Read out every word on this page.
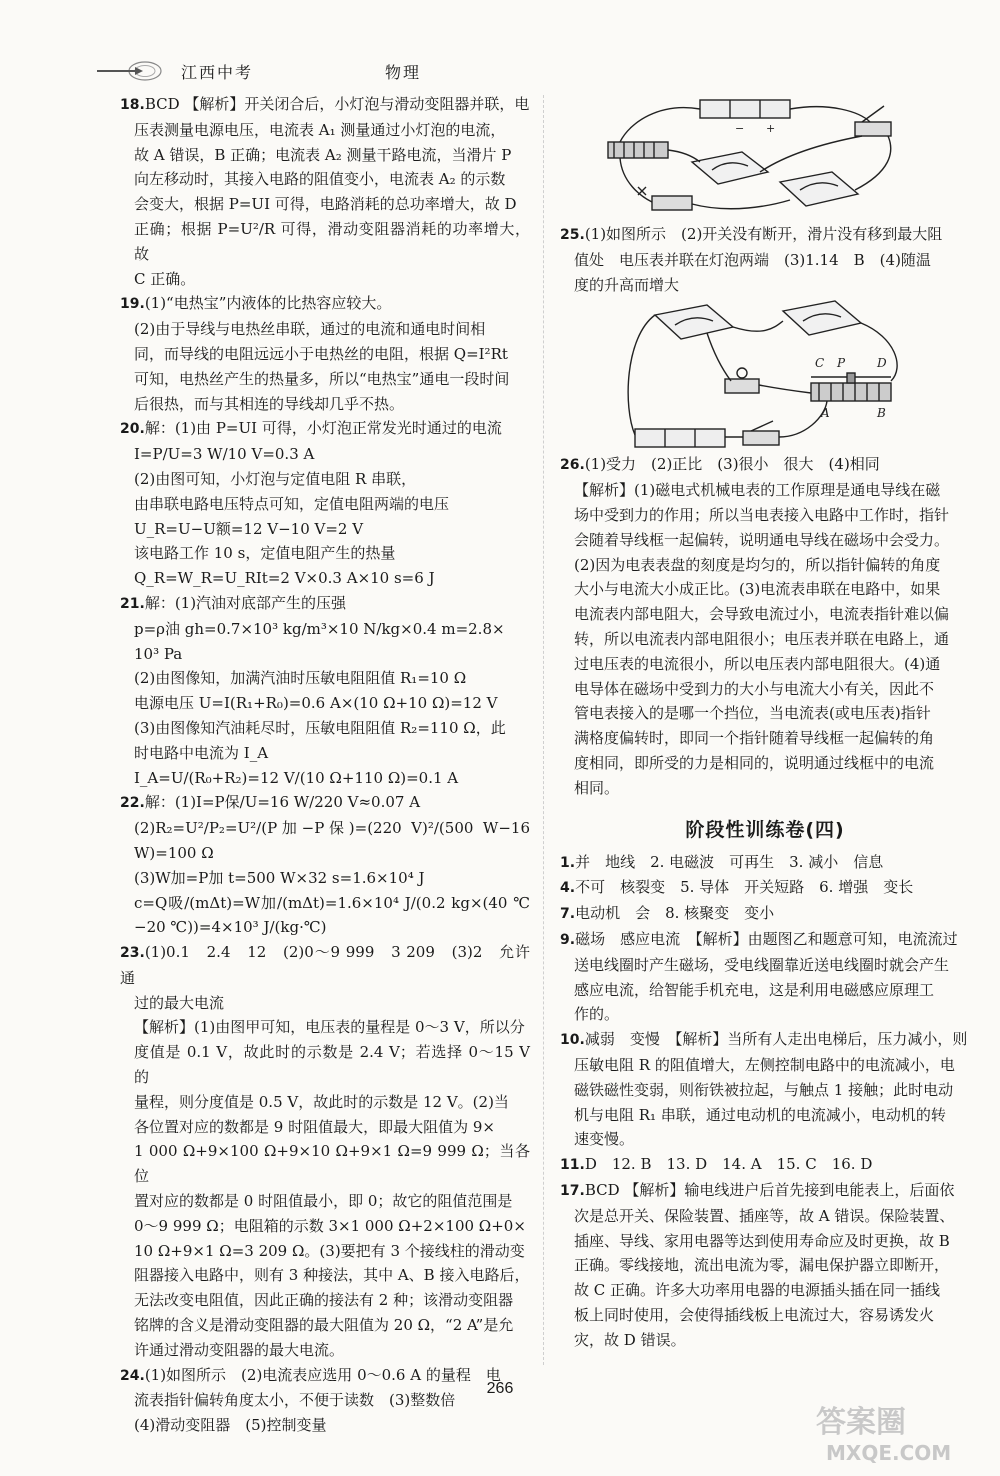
江西中考	物理

18.BCD 【解析】开关闭合后，小灯泡与滑动变阻器并联，电

压表测量电源电压，电流表 A₁ 测量通过小灯泡的电流，

故 A 错误，B 正确；电流表 A₂ 测量干路电流，当滑片 P

向左移动时，其接入电路的阻值变小，电流表 A₂ 的示数

会变大，根据 P=UI 可得，电路消耗的总功率增大，故 D

正确；根据 P=U²/R 可得，滑动变阻器消耗的功率增大，故

C 正确。

19.(1)“电热宝”内液体的比热容应较大。

(2)由于导线与电热丝串联，通过的电流和通电时间相

同，而导线的电阻远远小于电热丝的电阻，根据 Q=I²Rt

可知，电热丝产生的热量多，所以“电热宝”通电一段时间

后很热，而与其相连的导线却几乎不热。

20.解：(1)由 P=UI 可得，小灯泡正常发光时通过的电流

I=P/U=3 W/10 V=0.3 A

(2)由图可知，小灯泡与定值电阻 R 串联，

由串联电路电压特点可知，定值电阻两端的电压

U_R=U−U额=12 V−10 V=2 V

该电路工作 10 s，定值电阻产生的热量

Q_R=W_R=U_RIt=2 V×0.3 A×10 s=6 J

21.解：(1)汽油对底部产生的压强

p=ρ油 gh=0.7×10³ kg/m³×10 N/kg×0.4 m=2.8×

10³ Pa

(2)由图像知，加满汽油时压敏电阻阻值 R₁=10 Ω

电源电压 U=I(R₁+R₀)=0.6 A×(10 Ω+10 Ω)=12 V

(3)由图像知汽油耗尽时，压敏电阻阻值 R₂=110 Ω，此

时电路中电流为 I_A

I_A=U/(R₀+R₂)=12 V/(10 Ω+110 Ω)=0.1 A

22.解：(1)I=P保/U=16 W/220 V≈0.07 A

(2)R₂=U²/P₂=U²/(P加−P保)=(220 V)²/(500 W−16 W)=100 Ω

(3)W加=P加 t=500 W×32 s=1.6×10⁴ J

c=Q吸/(mΔt)=W加/(mΔt)=1.6×10⁴ J/(0.2 kg×(40 ℃−20 ℃))=4×10³ J/(kg·℃)

23.(1)0.1　2.4　12　(2)0～9 999　3 209　(3)2　允许通

过的最大电流

【解析】(1)由图甲可知，电压表的量程是 0～3 V，所以分

度值是 0.1 V，故此时的示数是 2.4 V；若选择 0～15 V 的

量程，则分度值是 0.5 V，故此时的示数是 12 V。(2)当

各位置对应的数都是 9 时阻值最大，即最大阻值为 9×

1 000 Ω+9×100 Ω+9×10 Ω+9×1 Ω=9 999 Ω；当各位

置对应的数都是 0 时阻值最小，即 0；故它的阻值范围是

0～9 999 Ω；电阻箱的示数 3×1 000 Ω+2×100 Ω+0×

10 Ω+9×1 Ω=3 209 Ω。(3)要把有 3 个接线柱的滑动变

阻器接入电路中，则有 3 种接法，其中 A、B 接入电路后，

无法改变电阻值，因此正确的接法有 2 种；该滑动变阻器

铭牌的含义是滑动变阻器的最大阻值为 20 Ω，“2 A”是允

许通过滑动变阻器的最大电流。

24.(1)如图所示　(2)电流表应选用 0～0.6 A 的量程　电

流表指针偏转角度太小，不便于读数　(3)整数倍

(4)滑动变阻器　(5)控制变量

− +

25.(1)如图所示　(2)开关没有断开，滑片没有移到最大阻

值处　电压表并联在灯泡两端　(3)1.14　B　(4)随温

度的升高而增大

C P	D
A	B

26.(1)受力　(2)正比　(3)很小　很大　(4)相同

【解析】(1)磁电式机械电表的工作原理是通电导线在磁

场中受到力的作用；所以当电表接入电路中工作时，指针

会随着导线框一起偏转，说明通电导线在磁场中会受力。

(2)因为电表表盘的刻度是均匀的，所以指针偏转的角度

大小与电流大小成正比。(3)电流表串联在电路中，如果

电流表内部电阻大，会导致电流过小，电流表指针难以偏

转，所以电流表内部电阻很小；电压表并联在电路上，通

过电压表的电流很小，所以电压表内部电阻很大。(4)通

电导体在磁场中受到力的大小与电流大小有关，因此不

管电表接入的是哪一个挡位，当电流表(或电压表)指针

满格度偏转时，即同一个指针随着导线框一起偏转的角

度相同，即所受的力是相同的，说明通过线框中的电流

相同。

阶段性训练卷(四)

1.并　地线　2. 电磁波　可再生　3. 减小　信息

4.不可　核裂变　5. 导体　开关短路　6. 增强　变长

7.电动机　会　8. 核聚变　变小

9.磁场　感应电流　【解析】由题图乙和题意可知，电流流过

送电线圈时产生磁场，受电线圈靠近送电线圈时就会产生

感应电流，给智能手机充电，这是利用电磁感应原理工

作的。

10.减弱　变慢　【解析】当所有人走出电梯后，压力减小，则

压敏电阻 R 的阻值增大，左侧控制电路中的电流减小，电

磁铁磁性变弱，则衔铁被拉起，与触点 1 接触；此时电动

机与电阻 R₁ 串联，通过电动机的电流减小，电动机的转

速变慢。

11.D　12. B　13. D　14. A　15. C　16. D

17.BCD 【解析】输电线进户后首先接到电能表上，后面依

次是总开关、保险装置、插座等，故 A 错误。保险装置、

插座、导线、家用电器等达到使用寿命应及时更换，故 B

正确。零线接地，流出电流为零，漏电保护器立即断开，

故 C 正确。许多大功率用电器的电源插头插在同一插线

板上同时使用，会使得插线板上电流过大，容易诱发火

灾，故 D 错误。

266
答案圈
MXQE.COM
